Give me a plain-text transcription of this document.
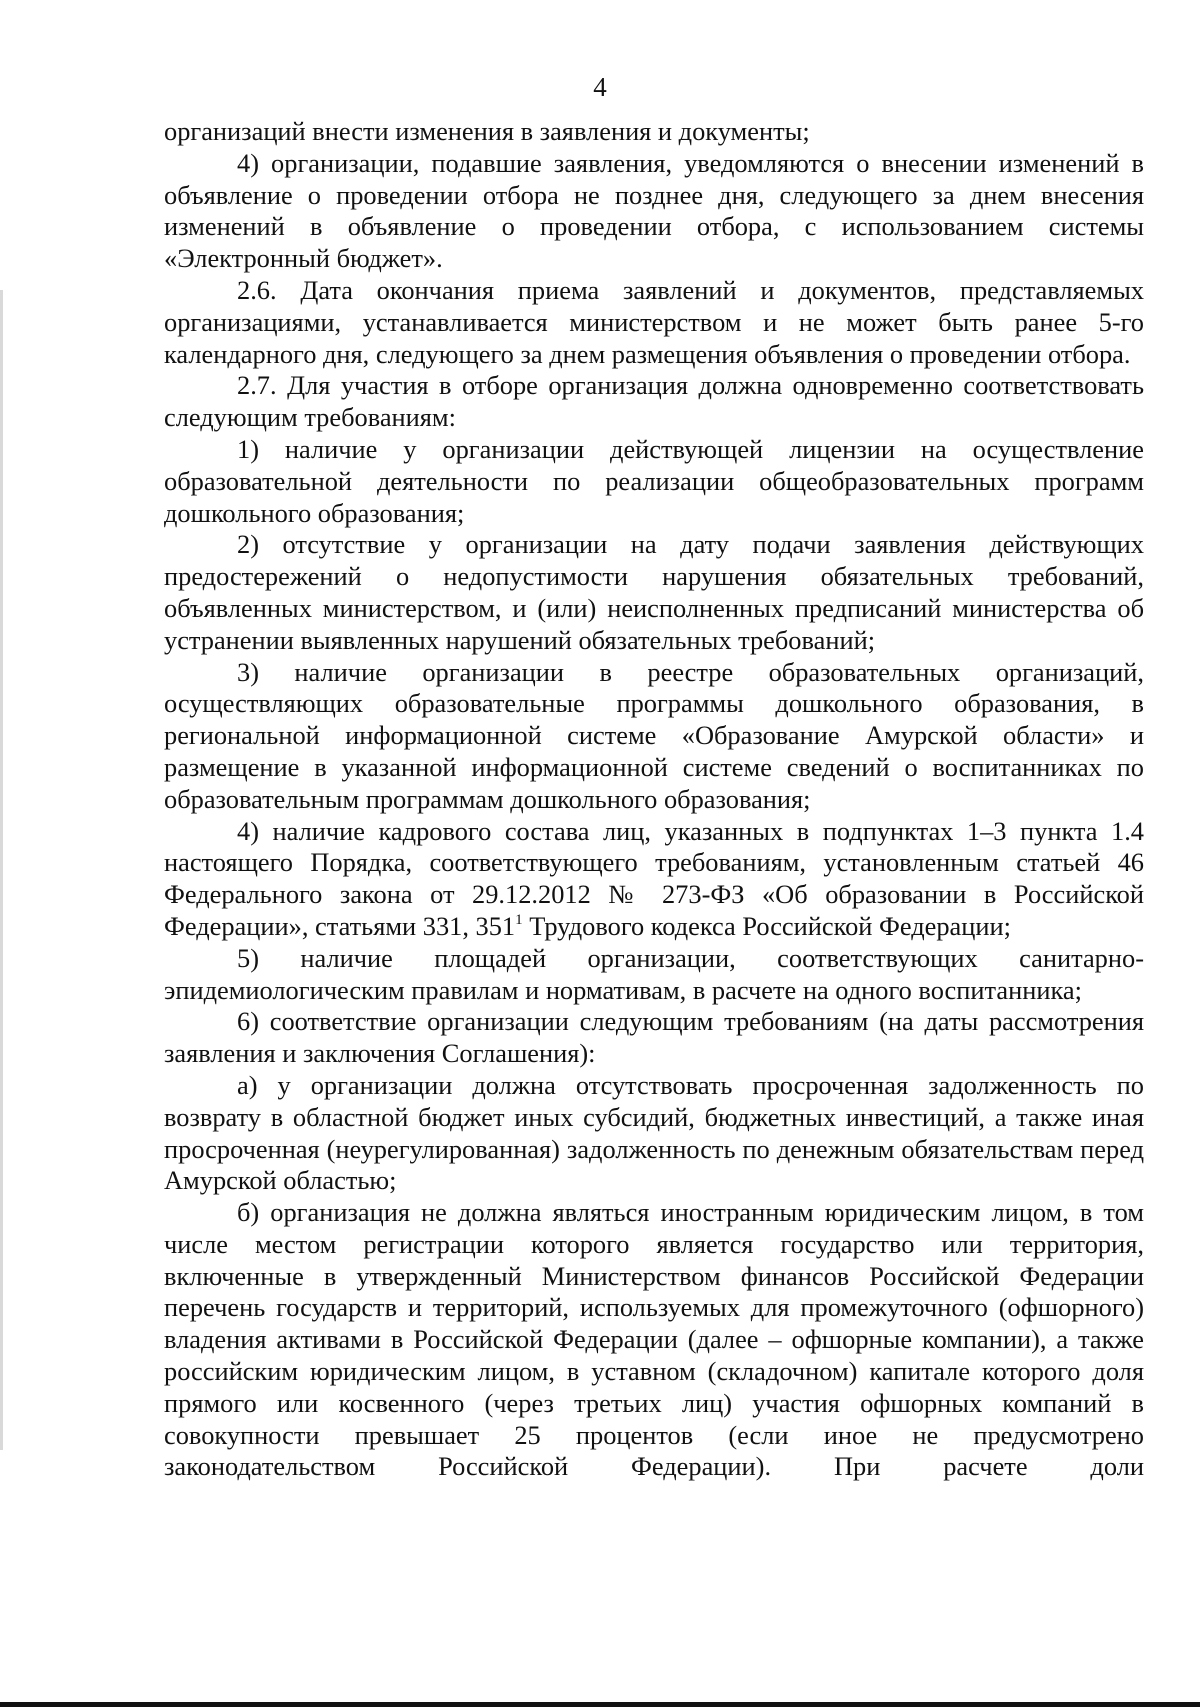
4

организаций внести изменения в заявления и документы;

4) организации, подавшие заявления, уведомляются о внесении изменений в объявление о проведении отбора не позднее дня, следующего за днем внесения изменений в объявление о проведении отбора, с использованием системы «Электронный бюджет».

2.6. Дата окончания приема заявлений и документов, представляемых организациями, устанавливается министерством и не может быть ранее 5-го календарного дня, следующего за днем размещения объявления о проведении отбора.

2.7. Для участия в отборе организация должна одновременно соответствовать следующим требованиям:

1) наличие у организации действующей лицензии на осуществление образовательной деятельности по реализации общеобразовательных программ дошкольного образования;

2) отсутствие у организации на дату подачи заявления действующих предостережений о недопустимости нарушения обязательных требований, объявленных министерством, и (или) неисполненных предписаний министерства об устранении выявленных нарушений обязательных требований;

3) наличие организации в реестре образовательных организаций, осуществляющих образовательные программы дошкольного образования, в региональной информационной системе «Образование Амурской области» и размещение в указанной информационной системе сведений о воспитанниках по образовательным программам дошкольного образования;

4) наличие кадрового состава лиц, указанных в подпунктах 1–3 пункта 1.4 настоящего Порядка, соответствующего требованиям, установленным статьей 46 Федерального закона от 29.12.2012 № 273-ФЗ «Об образовании в Российской Федерации», статьями 331, $351^1$ Трудового кодекса Российской Федерации;

5) наличие площадей организации, соответствующих санитарно-эпидемиологическим правилам и нормативам, в расчете на одного воспитанника;

6) соответствие организации следующим требованиям (на даты рассмотрения заявления и заключения Соглашения):

а) у организации должна отсутствовать просроченная задолженность по возврату в областной бюджет иных субсидий, бюджетных инвестиций, а также иная просроченная (неурегулированная) задолженность по денежным обязательствам перед Амурской областью;

б) организация не должна являться иностранным юридическим лицом, в том числе местом регистрации которого является государство или территория, включенные в утвержденный Министерством финансов Российской Федерации перечень государств и территорий, используемых для промежуточного (офшорного) владения активами в Российской Федерации (далее – офшорные компании), а также российским юридическим лицом, в уставном (складочном) капитале которого доля прямого или косвенного (через третьих лиц) участия офшорных компаний в совокупности превышает 25 процентов (если иное не предусмотрено законодательством Российской Федерации). При расчете доли
